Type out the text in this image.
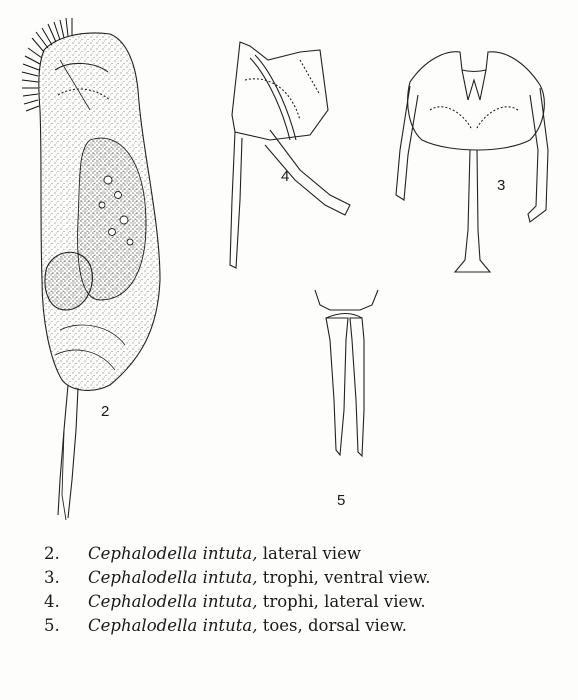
2
3
4
5
2. Cephalodella intuta, lateral view
3. Cephalodella intuta, trophi, ventral view.
4. Cephalodella intuta, trophi, lateral view.
5. Cephalodella intuta, toes, dorsal view.
